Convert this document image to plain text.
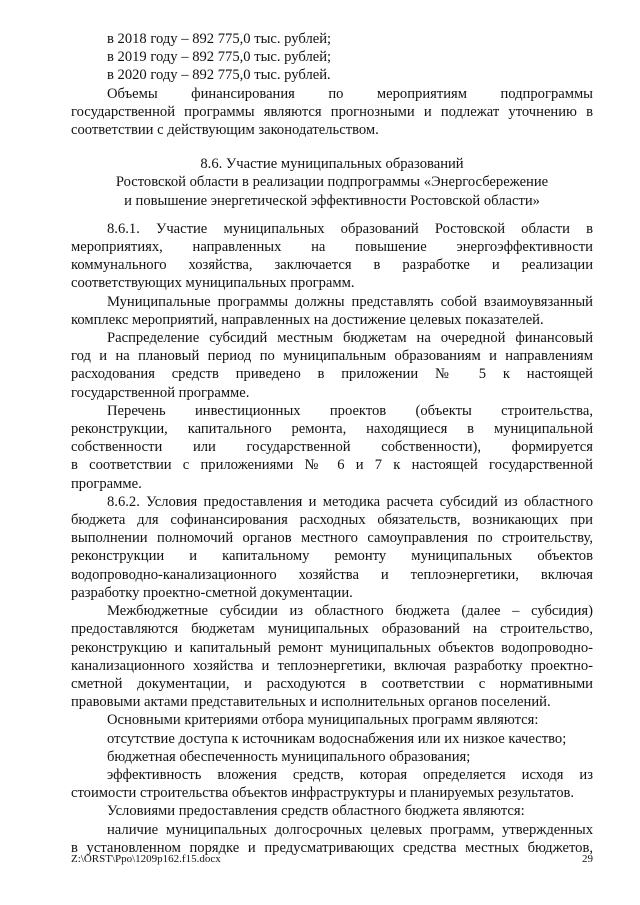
в 2018 году – 892 775,0 тыс. рублей;
в 2019 году – 892 775,0 тыс. рублей;
в 2020 году – 892 775,0 тыс. рублей.
Объемы финансирования по мероприятиям подпрограммы
государственной программы являются прогнозными и подлежат уточнению в
соответствии с действующим законодательством.
8.6. Участие муниципальных образований
Ростовской области в реализации подпрограммы «Энергосбережение
и повышение энергетической эффективности Ростовской области»
8.6.1. Участие муниципальных образований Ростовской области в
мероприятиях, направленных на повышение энергоэффективности
коммунального хозяйства, заключается в разработке и реализации
соответствующих муниципальных программ.
Муниципальные программы должны представлять собой взаимоувязанный
комплекс мероприятий, направленных на достижение целевых показателей.
Распределение субсидий местным бюджетам на очередной финансовый
год и на плановый период по муниципальным образованиям и направлениям
расходования средств приведено в приложении № 5 к настоящей
государственной программе.
Перечень инвестиционных проектов (объекты строительства,
реконструкции, капитального ремонта, находящиеся в муниципальной
собственности или государственной собственности), формируется
в соответствии с приложениями № 6 и 7 к настоящей государственной
программе.
8.6.2. Условия предоставления и методика расчета субсидий из областного
бюджета для софинансирования расходных обязательств, возникающих при
выполнении полномочий органов местного самоуправления по строительству,
реконструкции и капитальному ремонту муниципальных объектов
водопроводно-канализационного хозяйства и теплоэнергетики, включая
разработку проектно-сметной документации.
Межбюджетные субсидии из областного бюджета (далее – субсидия)
предоставляются бюджетам муниципальных образований на строительство,
реконструкцию и капитальный ремонт муниципальных объектов водопроводно-
канализационного хозяйства и теплоэнергетики, включая разработку проектно-
сметной документации, и расходуются в соответствии с нормативными
правовыми актами представительных и исполнительных органов поселений.
Основными критериями отбора муниципальных программ являются:
отсутствие доступа к источникам водоснабжения или их низкое качество;
бюджетная обеспеченность муниципального образования;
эффективность вложения средств, которая определяется исходя из
стоимости строительства объектов инфраструктуры и планируемых результатов.
Условиями предоставления средств областного бюджета являются:
наличие муниципальных долгосрочных целевых программ, утвержденных
в установленном порядке и предусматривающих средства местных бюджетов,
Z:\ORST\Ppo\1209p162.f15.docx	29
